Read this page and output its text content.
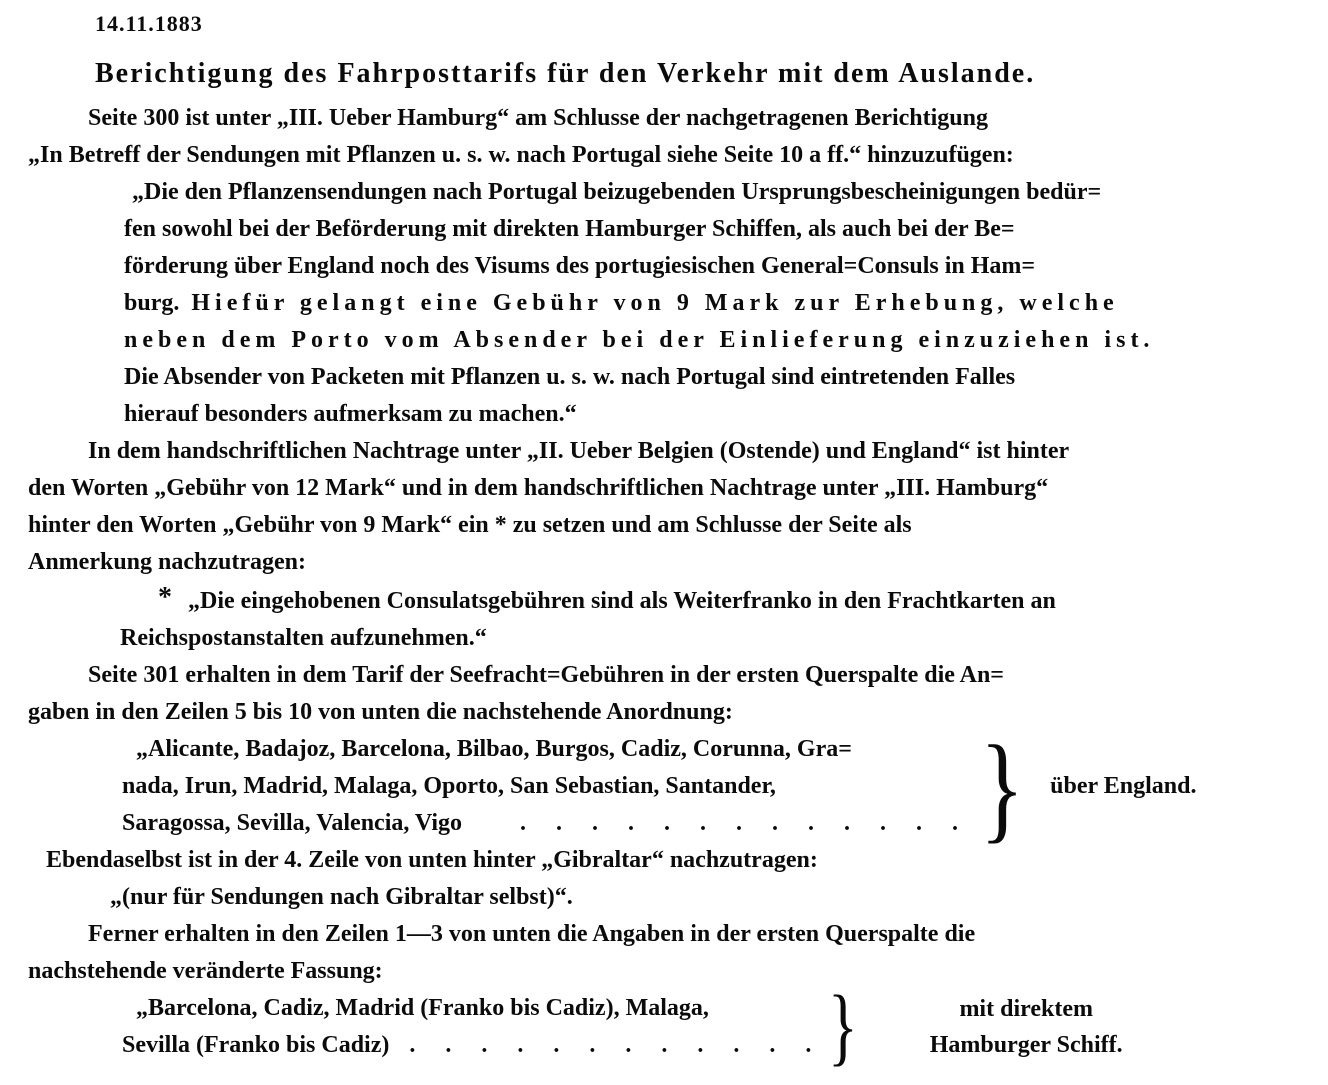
14.11.1883
Berichtigung des Fahrposttarifs für den Verkehr mit dem Auslande.
Seite 300 ist unter „III. Ueber Hamburg“ am Schlusse der nachgetragenen Berichtigung
„In Betreff der Sendungen mit Pflanzen u. s. w. nach Portugal siehe Seite 10 a ff.“ hinzuzufügen:
„Die den Pflanzensendungen nach Portugal beizugebenden Ursprungsbescheinigungen bedür=
fen sowohl bei der Beförderung mit direkten Hamburger Schiffen, als auch bei der Be=
förderung über England noch des Visums des portugiesischen General=Consuls in Ham=
burg. Hiefür gelangt eine Gebühr von 9 Mark zur Erhebung, welche
neben dem Porto vom Absender bei der Einlieferung einzuziehen ist.
Die Absender von Packeten mit Pflanzen u. s. w. nach Portugal sind eintretenden Falles
hierauf besonders aufmerksam zu machen.“
In dem handschriftlichen Nachtrage unter „II. Ueber Belgien (Ostende) und England“ ist hinter
den Worten „Gebühr von 12 Mark“ und in dem handschriftlichen Nachtrage unter „III. Hamburg“
hinter den Worten „Gebühr von 9 Mark“ ein * zu setzen und am Schlusse der Seite als
Anmerkung nachzutragen:
* „Die eingehobenen Consulatsgebühren sind als Weiterfranko in den Frachtkarten an
Reichspostanstalten aufzunehmen.“
Seite 301 erhalten in dem Tarif der Seefracht=Gebühren in der ersten Querspalte die An=
gaben in den Zeilen 5 bis 10 von unten die nachstehende Anordnung:
„Alicante, Badajoz, Barcelona, Bilbao, Burgos, Cadiz, Corunna, Gra=
nada, Irun, Madrid, Malaga, Oporto, San Sebastian, Santander,
Saragossa, Sevilla, Valencia, Vigo . . . . . . . . . . . . . } über England.
Ebendaselbst ist in der 4. Zeile von unten hinter „Gibraltar“ nachzutragen:
„(nur für Sendungen nach Gibraltar selbst)“.
Ferner erhalten in den Zeilen 1—3 von unten die Angaben in der ersten Querspalte die
nachstehende veränderte Fassung:
„Barcelona, Cadiz, Madrid (Franko bis Cadiz), Malaga,
Sevilla (Franko bis Cadiz) . . . . . . . . . . . . }	mit direktem
Hamburger Schiff.
